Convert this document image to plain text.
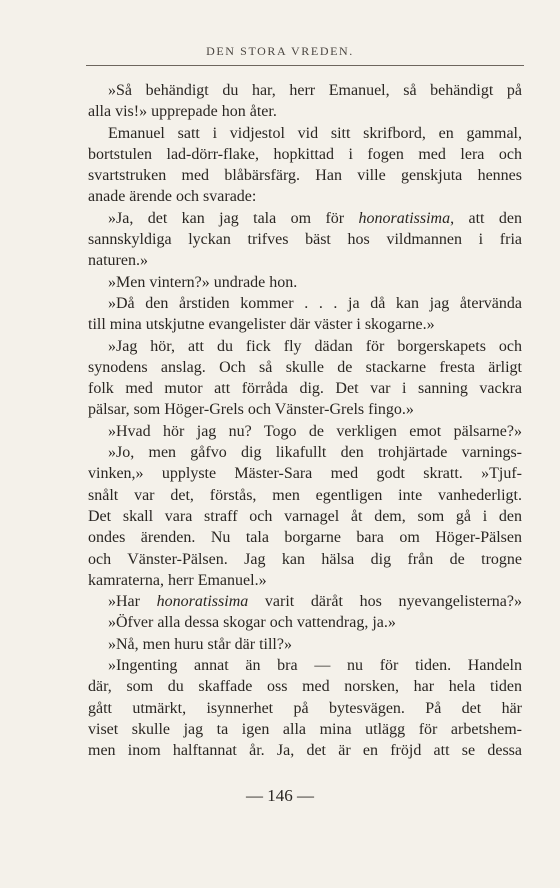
DEN STORA VREDEN.
»Så behändigt du har, herr Emanuel, så behändigt på
alla vis!» upprepade hon åter.
Emanuel satt i vidjestol vid sitt skrifbord, en gammal,
bortstulen lad-dörr-flake, hopkittad i fogen med lera och
svartstruken med blåbärsfärg. Han ville genskjuta hennes
anade ärende och svarade:
»Ja, det kan jag tala om för honoratissima, att den
sannskyldiga lyckan trifves bäst hos vildmannen i fria
naturen.»
»Men vintern?» undrade hon.
»Då den årstiden kommer . . . ja då kan jag återvända
till mina utskjutne evangelister där väster i skogarne.»
»Jag hör, att du fick fly dädan för borgerskapets och
synodens anslag. Och så skulle de stackarne fresta ärligt
folk med mutor att förråda dig. Det var i sanning vackra
pälsar, som Höger-Grels och Vänster-Grels fingo.»
»Hvad hör jag nu? Togo de verkligen emot pälsarne?»
»Jo, men gåfvo dig likafullt den trohjärtade varnings-
vinken,» upplyste Mäster-Sara med godt skratt. »Tjuf-
snålt var det, förstås, men egentligen inte vanhederligt.
Det skall vara straff och varnagel åt dem, som gå i den
ondes ärenden. Nu tala borgarne bara om Höger-Pälsen
och Vänster-Pälsen. Jag kan hälsa dig från de trogne
kamraterna, herr Emanuel.»
»Har honoratissima varit däråt hos nyevangelisterna?»
»Öfver alla dessa skogar och vattendrag, ja.»
»Nå, men huru står där till?»
»Ingenting annat än bra — nu för tiden. Handeln
där, som du skaffade oss med norsken, har hela tiden
gått utmärkt, isynnerhet på bytesvägen. På det här
viset skulle jag ta igen alla mina utlägg för arbetshem-
men inom halftannat år. Ja, det är en fröjd att se dessa
— 146 —
